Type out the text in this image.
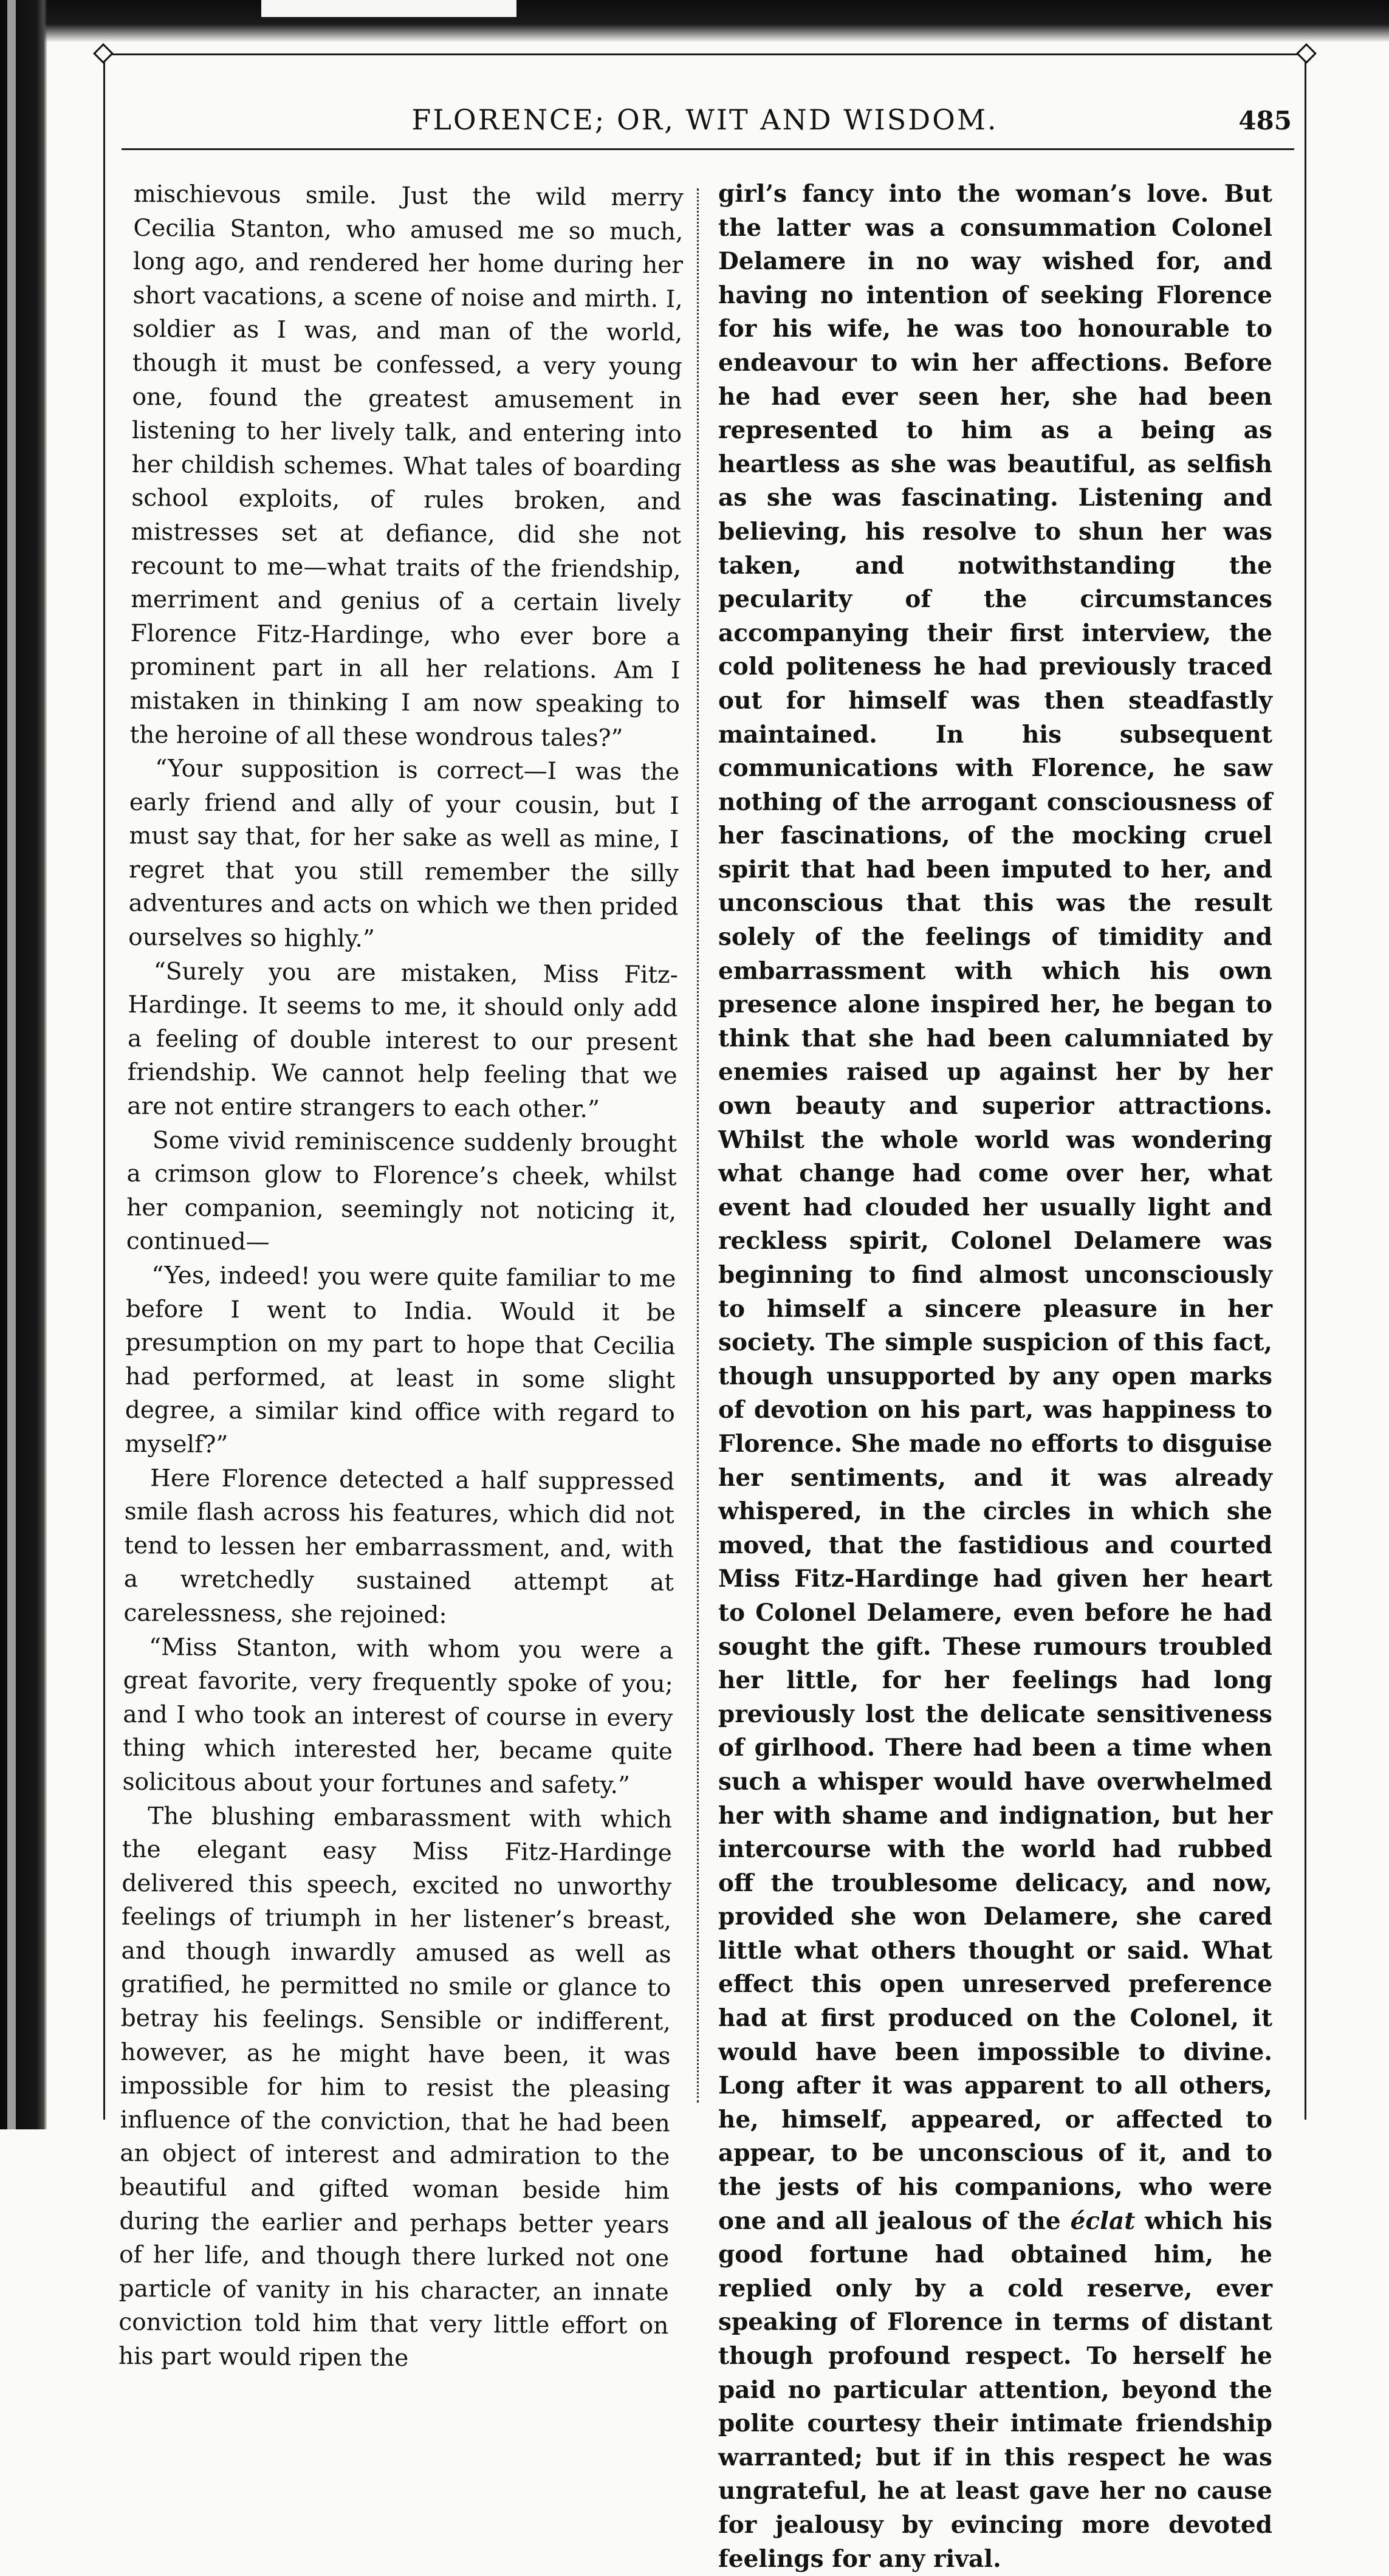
FLORENCE; OR, WIT AND WISDOM.	485

mischievous smile. Just the wild merry Cecilia Stanton, who amused me so much, long ago, and rendered her home during her short vacations, a scene of noise and mirth. I, soldier as I was, and man of the world, though it must be confessed, a very young one, found the greatest amusement in listening to her lively talk, and entering into her childish schemes. What tales of boarding school exploits, of rules broken, and mistresses set at defiance, did she not recount to me—what traits of the friendship, merriment and genius of a certain lively Florence Fitz-Hardinge, who ever bore a prominent part in all her relations. Am I mistaken in thinking I am now speaking to the heroine of all these wondrous tales?”

“Your supposition is correct—I was the early friend and ally of your cousin, but I must say that, for her sake as well as mine, I regret that you still remember the silly adventures and acts on which we then prided ourselves so highly.”

“Surely you are mistaken, Miss Fitz-Hardinge. It seems to me, it should only add a feeling of double interest to our present friendship. We cannot help feeling that we are not entire strangers to each other.”

Some vivid reminiscence suddenly brought a crimson glow to Florence’s cheek, whilst her companion, seemingly not noticing it, continued—

“Yes, indeed! you were quite familiar to me before I went to India. Would it be presumption on my part to hope that Cecilia had performed, at least in some slight degree, a similar kind office with regard to myself?”

Here Florence detected a half suppressed smile flash across his features, which did not tend to lessen her embarrassment, and, with a wretchedly sustained attempt at carelessness, she rejoined:

“Miss Stanton, with whom you were a great favorite, very frequently spoke of you; and I who took an interest of course in every thing which interested her, became quite solicitous about your fortunes and safety.”

The blushing embarassment with which the elegant easy Miss Fitz-Hardinge delivered this speech, excited no unworthy feelings of triumph in her listener’s breast, and though inwardly amused as well as gratified, he permitted no smile or glance to betray his feelings. Sensible or indifferent, however, as he might have been, it was impossible for him to resist the pleasing influence of the conviction, that he had been an object of interest and admiration to the beautiful and gifted woman beside him during the earlier and perhaps better years of her life, and though there lurked not one particle of vanity in his character, an innate conviction told him that very little effort on his part would ripen the

girl’s fancy into the woman’s love. But the latter was a consummation Colonel Delamere in no way wished for, and having no intention of seeking Florence for his wife, he was too honourable to endeavour to win her affections. Before he had ever seen her, she had been represented to him as a being as heartless as she was beautiful, as selfish as she was fascinating. Listening and believing, his resolve to shun her was taken, and notwithstanding the pecularity of the circumstances accompanying their first interview, the cold politeness he had previously traced out for himself was then steadfastly maintained. In his subsequent communications with Florence, he saw nothing of the arrogant consciousness of her fascinations, of the mocking cruel spirit that had been imputed to her, and unconscious that this was the result solely of the feelings of timidity and embarrassment with which his own presence alone inspired her, he began to think that she had been calumniated by enemies raised up against her by her own beauty and superior attractions. Whilst the whole world was wondering what change had come over her, what event had clouded her usually light and reckless spirit, Colonel Delamere was beginning to find almost unconsciously to himself a sincere pleasure in her society. The simple suspicion of this fact, though unsupported by any open marks of devotion on his part, was happiness to Florence. She made no efforts to disguise her sentiments, and it was already whispered, in the circles in which she moved, that the fastidious and courted Miss Fitz-Hardinge had given her heart to Colonel Delamere, even before he had sought the gift. These rumours troubled her little, for her feelings had long previously lost the delicate sensitiveness of girlhood. There had been a time when such a whisper would have overwhelmed her with shame and indignation, but her intercourse with the world had rubbed off the troublesome delicacy, and now, provided she won Delamere, she cared little what others thought or said. What effect this open unreserved preference had at first produced on the Colonel, it would have been impossible to divine. Long after it was apparent to all others, he, himself, appeared, or affected to appear, to be unconscious of it, and to the jests of his companions, who were one and all jealous of the éclat which his good fortune had obtained him, he replied only by a cold reserve, ever speaking of Florence in terms of distant though profound respect. To herself he paid no particular attention, beyond the polite courtesy their intimate friendship warranted; but if in this respect he was ungrateful, he at least gave her no cause for jealousy by evincing more devoted feelings for any rival.
